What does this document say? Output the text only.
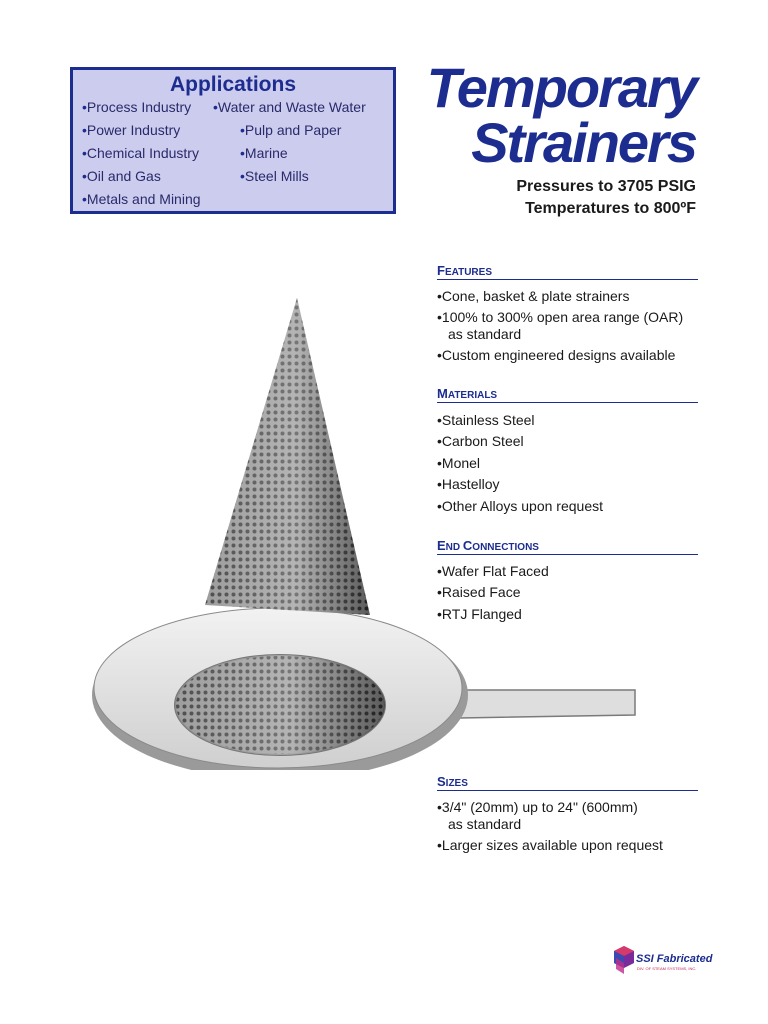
Applications
• Process Industry
• Power Industry
• Chemical Industry
• Oil and Gas
• Metals and Mining
• Water and Waste Water
• Pulp and Paper
• Marine
• Steel Mills
Temporary
Strainers
Pressures to 3705 PSIG
Temperatures to 800ºF
FEATURES
• Cone, basket & plate strainers
• 100% to 300% open area range (OAR)
as standard
• Custom engineered designs available
MATERIALS
• Stainless Steel
• Carbon Steel
• Monel
• Hastelloy
• Other Alloys upon request
END CONNECTIONS
• Wafer Flat Faced
• Raised Face
• RTJ Flanged
SIZES
• 3/4" (20mm) up to 24" (600mm)
as standard
• Larger sizes available upon request
SSI Fabricated
DIV. OF STEAM SYSTEMS, INC.
